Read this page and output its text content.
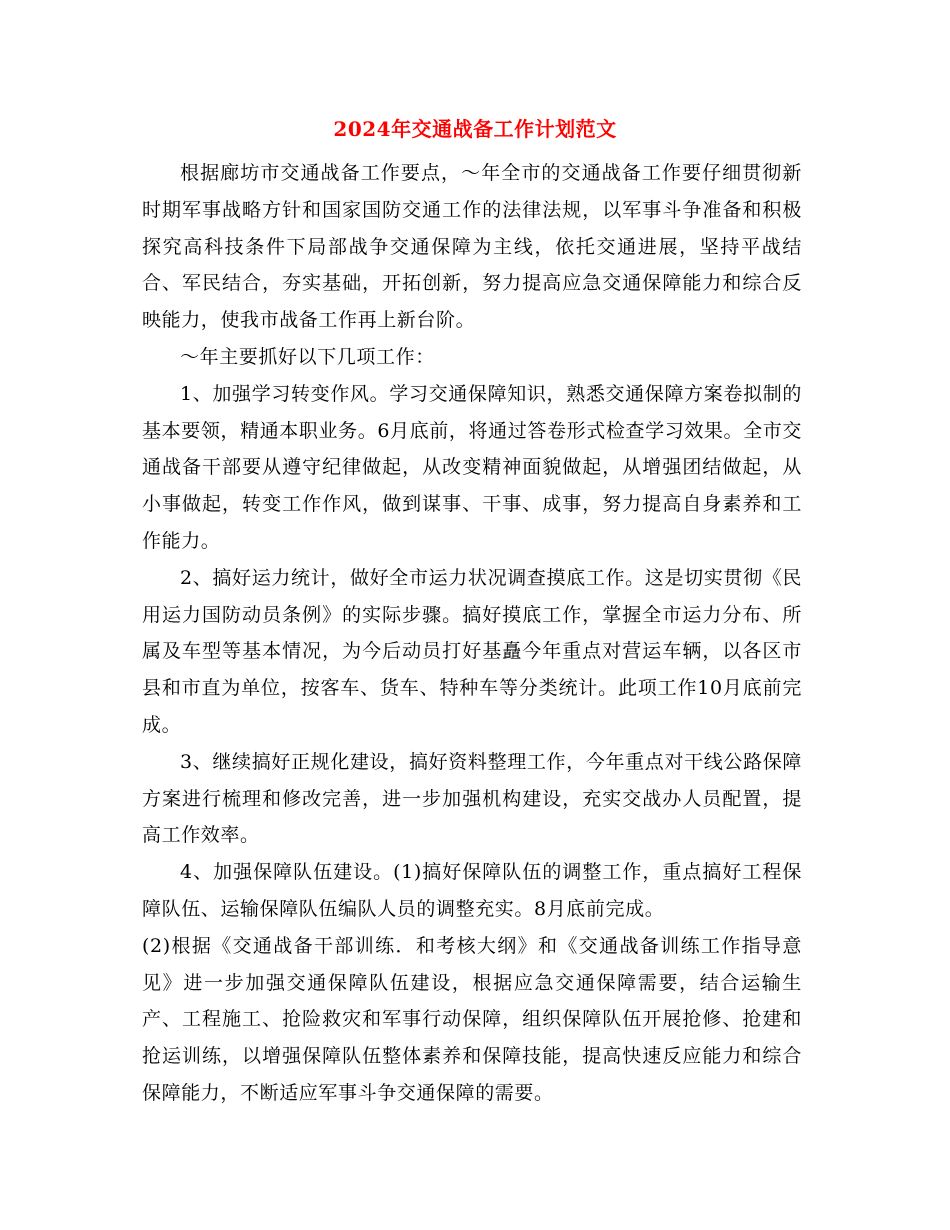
2024年交通战备工作计划范文

根据廊坊市交通战备工作要点，～年全市的交通战备工作要仔细贯彻新时期军事战略方针和国家国防交通工作的法律法规，以军事斗争准备和积极探究高科技条件下局部战争交通保障为主线，依托交通进展，坚持平战结合、军民结合，夯实基础，开拓创新，努力提高应急交通保障能力和综合反映能力，使我市战备工作再上新台阶。

～年主要抓好以下几项工作：

1、加强学习转变作风。学习交通保障知识，熟悉交通保障方案卷拟制的基本要领，精通本职业务。6月底前，将通过答卷形式检查学习效果。全市交通战备干部要从遵守纪律做起，从改变精神面貌做起，从增强团结做起，从小事做起，转变工作作风，做到谋事、干事、成事，努力提高自身素养和工作能力。

2、搞好运力统计，做好全市运力状况调查摸底工作。这是切实贯彻《民用运力国防动员条例》的实际步骤。搞好摸底工作，掌握全市运力分布、所属及车型等基本情况，为今后动员打好基矗今年重点对营运车辆，以各区市县和市直为单位，按客车、货车、特种车等分类统计。此项工作10月底前完成。

3、继续搞好正规化建设，搞好资料整理工作，今年重点对干线公路保障方案进行梳理和修改完善，进一步加强机构建设，充实交战办人员配置，提高工作效率。

4、加强保障队伍建设。(1)搞好保障队伍的调整工作，重点搞好工程保障队伍、运输保障队伍编队人员的调整充实。8月底前完成。

(2)根据《交通战备干部训练．和考核大纲》和《交通战备训练工作指导意见》进一步加强交通保障队伍建设，根据应急交通保障需要，结合运输生产、工程施工、抢险救灾和军事行动保障，组织保障队伍开展抢修、抢建和抢运训练，以增强保障队伍整体素养和保障技能，提高快速反应能力和综合保障能力，不断适应军事斗争交通保障的需要。
